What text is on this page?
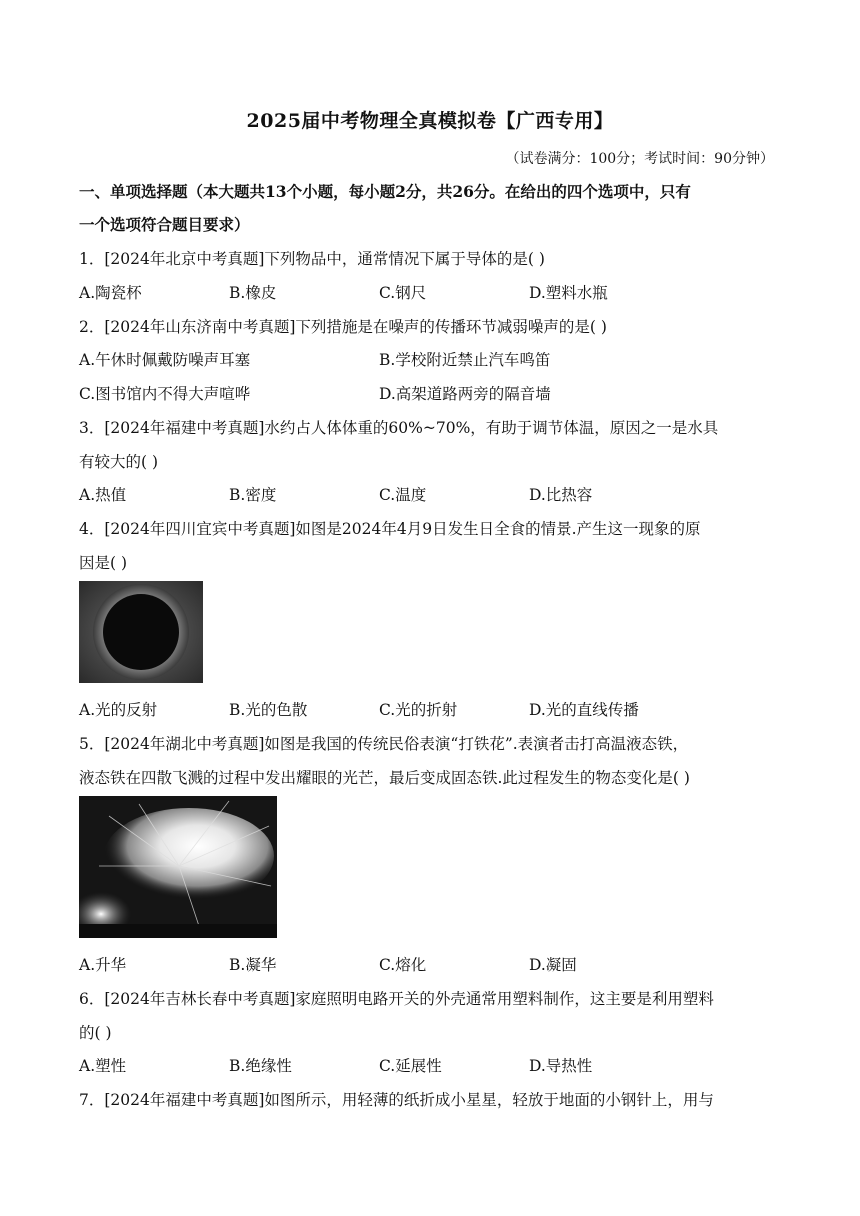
2025届中考物理全真模拟卷【广西专用】
（试卷满分：100分；考试时间：90分钟）
一、单项选择题（本大题共13个小题，每小题2分，共26分。在给出的四个选项中，只有
一个选项符合题目要求）
1．[2024年北京中考真题]下列物品中，通常情况下属于导体的是( )
A.陶瓷杯	B.橡皮	C.钢尺	D.塑料水瓶
2．[2024年山东济南中考真题]下列措施是在噪声的传播环节减弱噪声的是( )
A.午休时佩戴防噪声耳塞	B.学校附近禁止汽车鸣笛
C.图书馆内不得大声喧哗	D.高架道路两旁的隔音墙
3．[2024年福建中考真题]水约占人体体重的60%~70%，有助于调节体温，原因之一是水具
有较大的( )
A.热值	B.密度	C.温度	D.比热容
4．[2024年四川宜宾中考真题]如图是2024年4月9日发生日全食的情景.产生这一现象的原
因是( )
A.光的反射	B.光的色散	C.光的折射	D.光的直线传播
5．[2024年湖北中考真题]如图是我国的传统民俗表演“打铁花”.表演者击打高温液态铁，
液态铁在四散飞溅的过程中发出耀眼的光芒，最后变成固态铁.此过程发生的物态变化是( )
A.升华	B.凝华	C.熔化	D.凝固
6．[2024年吉林长春中考真题]家庭照明电路开关的外壳通常用塑料制作，这主要是利用塑料
的( )
A.塑性	B.绝缘性	C.延展性	D.导热性
7．[2024年福建中考真题]如图所示，用轻薄的纸折成小星星，轻放于地面的小钢针上，用与
